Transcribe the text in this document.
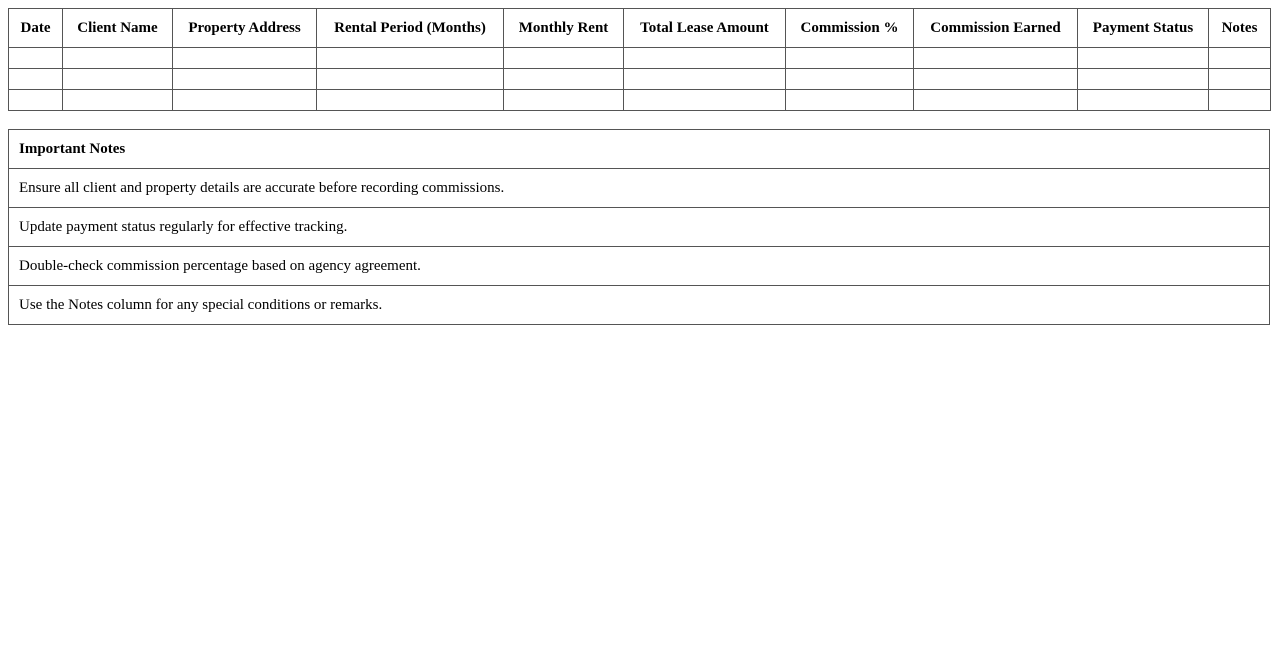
Date	Client Name	Property Address	Rental Period (Months)	Monthly Rent	Total Lease Amount	Commission %	Commission Earned	Payment Status	Notes

Important Notes
Ensure all client and property details are accurate before recording commissions.
Update payment status regularly for effective tracking.
Double-check commission percentage based on agency agreement.
Use the Notes column for any special conditions or remarks.
